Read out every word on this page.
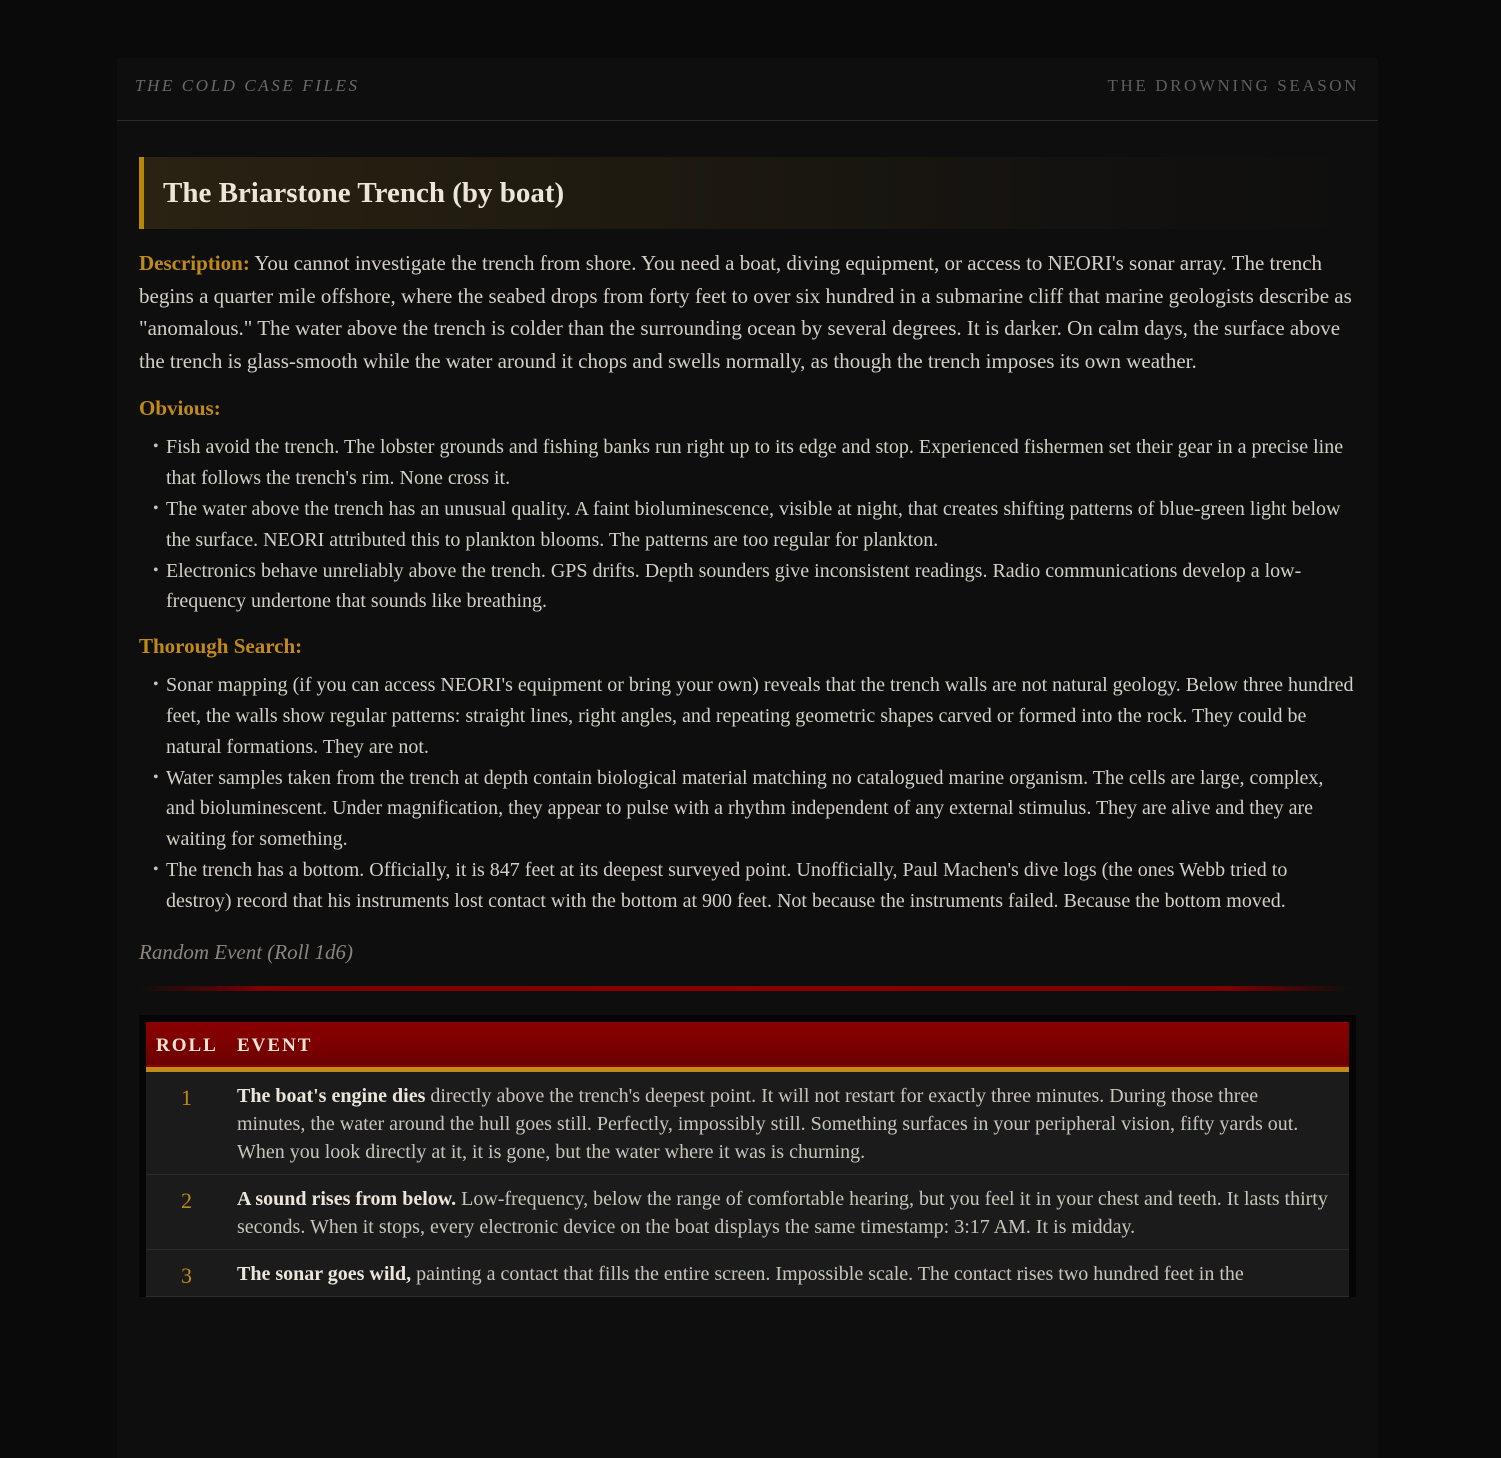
THE COLD CASE FILES	THE DROWNING SEASON
The Briarstone Trench (by boat)

Description: You cannot investigate the trench from shore. You need a boat, diving equipment, or access to NEORI's sonar array. The trench begins a quarter mile offshore, where the seabed drops from forty feet to over six hundred in a submarine cliff that marine geologists describe as "anomalous." The water above the trench is colder than the surrounding ocean by several degrees. It is darker. On calm days, the surface above the trench is glass-smooth while the water around it chops and swells normally, as though the trench imposes its own weather.

Obvious:
• Fish avoid the trench. The lobster grounds and fishing banks run right up to its edge and stop. Experienced fishermen set their gear in a precise line that follows the trench's rim. None cross it.
• The water above the trench has an unusual quality. A faint bioluminescence, visible at night, that creates shifting patterns of blue-green light below the surface. NEORI attributed this to plankton blooms. The patterns are too regular for plankton.
• Electronics behave unreliably above the trench. GPS drifts. Depth sounders give inconsistent readings. Radio communications develop a low-frequency undertone that sounds like breathing.
Thorough Search:
• Sonar mapping (if you can access NEORI's equipment or bring your own) reveals that the trench walls are not natural geology. Below three hundred feet, the walls show regular patterns: straight lines, right angles, and repeating geometric shapes carved or formed into the rock. They could be natural formations. They are not.
• Water samples taken from the trench at depth contain biological material matching no catalogued marine organism. The cells are large, complex, and bioluminescent. Under magnification, they appear to pulse with a rhythm independent of any external stimulus. They are alive and they are waiting for something.
• The trench has a bottom. Officially, it is 847 feet at its deepest surveyed point. Unofficially, Paul Machen's dive logs (the ones Webb tried to destroy) record that his instruments lost contact with the bottom at 900 feet. Not because the instruments failed. Because the bottom moved.

Random Event (Roll 1d6)

ROLL	EVENT
1	The boat's engine dies directly above the trench's deepest point. It will not restart for exactly three minutes. During those three minutes, the water around the hull goes still. Perfectly, impossibly still. Something surfaces in your peripheral vision, fifty yards out. When you look directly at it, it is gone, but the water where it was is churning.
2	A sound rises from below. Low-frequency, below the range of comfortable hearing, but you feel it in your chest and teeth. It lasts thirty seconds. When it stops, every electronic device on the boat displays the same timestamp: 3:17 AM. It is midday.
3	The sonar goes wild, painting a contact that fills the entire screen. Impossible scale. The contact rises two hundred feet in the
